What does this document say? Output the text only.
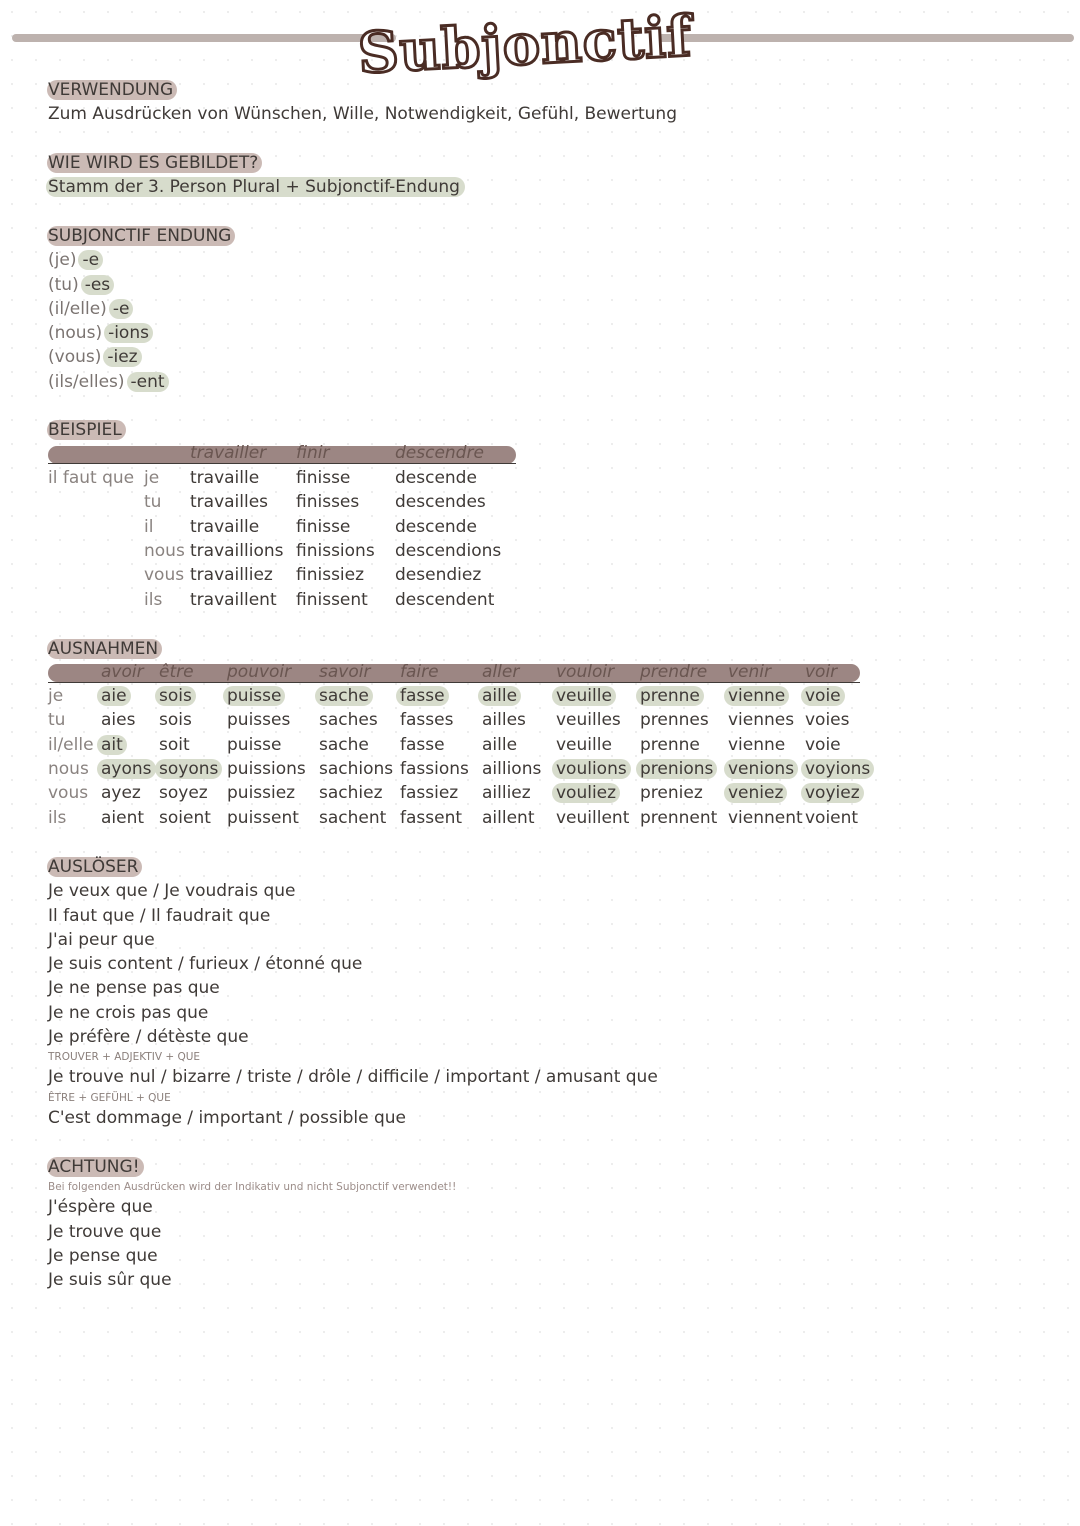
Subjonctif
VERWENDUNG
Zum Ausdrücken von Wünschen, Wille, Notwendigkeit, Gefühl, Bewertung
WIE WIRD ES GEBILDET?
Stamm der 3. Person Plural + Subjonctif-Endung
SUBJONCTIF ENDUNG
(je) -e
(tu) -es
(il/elle) -e
(nous) -ions
(vous) -iez
(ils/elles) -ent
BEISPIEL
travailler finir	descendre
il faut que je travaille finisse	descende
tu travailles finisses descendes
il travaille finisse	descende
nous travaillions finissions descendions
vous travailliez finissiez desendiez
ils travaillent finissent descendent
AUSNAHMEN
avoir être pouvoir savoir faire	aller vouloir prendre venir voir
je aie sois puisse sache fasse aille veuille prenne vienne voie
tu aies sois puisses saches fasses ailles veuilles prennes viennes voies
il/elle ait soit puisse sache fasse aille veuille prenne vienne voie
nous ayons soyons puissions sachions fassions aillions voulions prenions venions voyions
vous ayez soyez puissiez sachiez fassiez ailliez vouliez preniez veniez voyiez
ils aient soient puissent sachent fassent aillent veuillent prennent viennent voient
AUSLÖSER
Je veux que / Je voudrais que
Il faut que / Il faudrait que
J'ai peur que
Je suis content / furieux / étonné que
Je ne pense pas que
Je ne crois pas que
Je préfère / détèste que
TROUVER + ADJEKTIV + QUE
Je trouve nul / bizarre / triste / drôle / difficile / important / amusant que
ÊTRE + GEFÜHL + QUE
C'est dommage / important / possible que
ACHTUNG!
Bei folgenden Ausdrücken wird der Indikativ und nicht Subjonctif verwendet!!
J'éspère que
Je trouve que
Je pense que
Je suis sûr que
